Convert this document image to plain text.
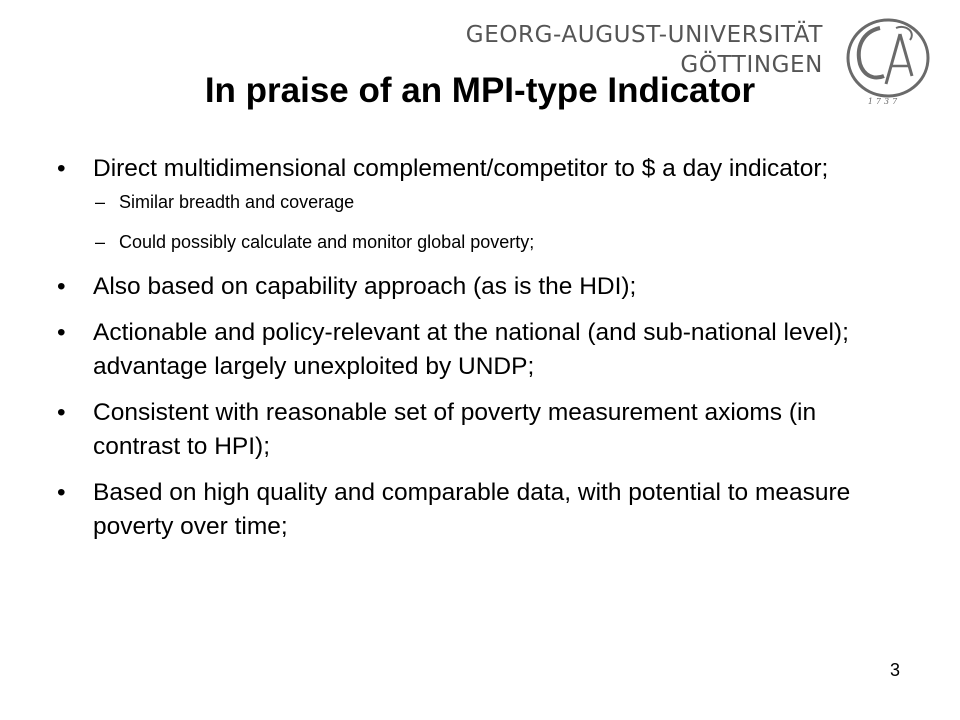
GEORG-AUGUST-UNIVERSITÄT
GÖTTINGEN
1737
In praise of an MPI-type Indicator
• Direct multidimensional complement/competitor to $ a day indicator;
– Similar breadth and coverage
– Could possibly calculate and monitor global poverty;
• Also based on capability approach (as is the HDI);
• Actionable and policy-relevant at the national (and sub-national level); advantage largely unexploited by UNDP;
• Consistent with reasonable set of poverty measurement axioms (in contrast to HPI);
• Based on high quality and comparable data, with potential to measure poverty over time;
3
